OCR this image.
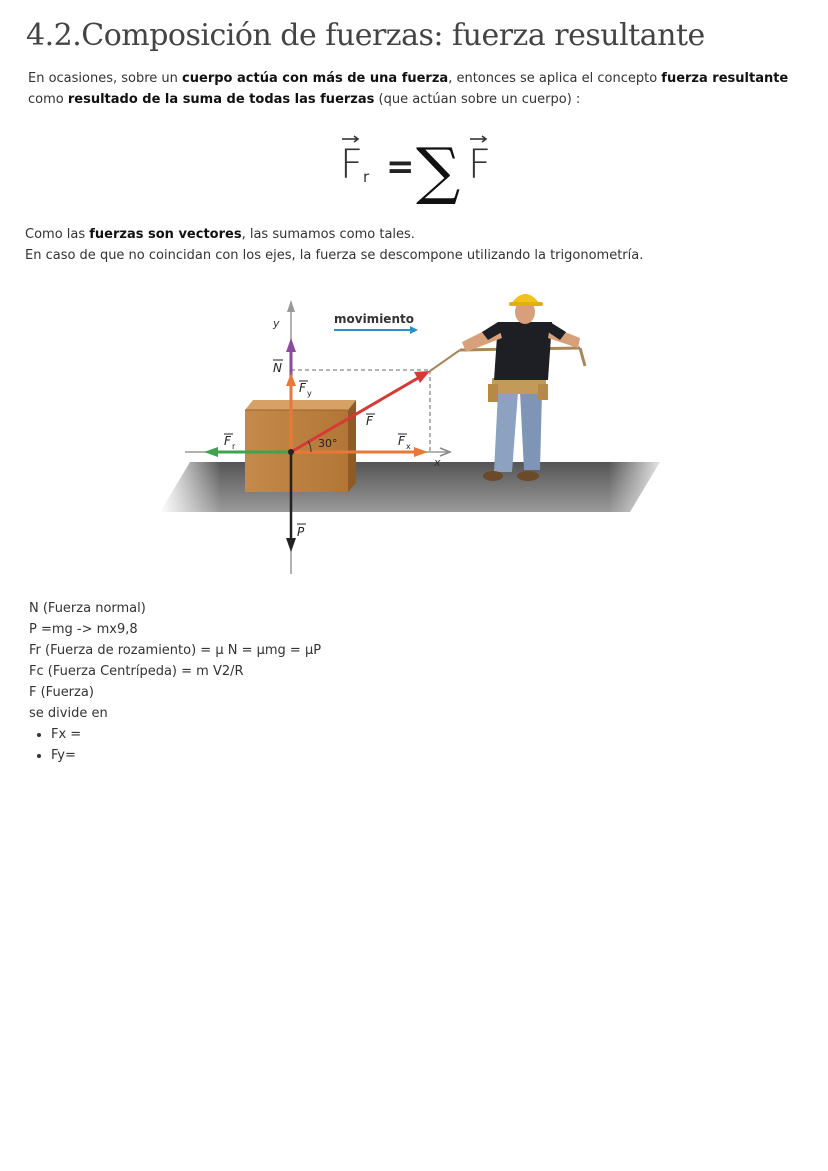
4.2.Composición de fuerzas: fuerza resultante
En ocasiones, sobre un cuerpo actúa con más de una fuerza, entonces se aplica el concepto fuerza resultante como resultado de la suma de todas las fuerzas (que actúan sobre un cuerpo) :
F r = ∑ F
Como las fuerzas son vectores, las sumamos como tales.
En caso de que no coincidan con los ejes, la fuerza se descompone utilizando la trigonometría.
y
x
movimiento
N
F y
F x
F
F r	30°
P
N (Fuerza normal)
P =mg -> mx9,8
Fr (Fuerza de rozamiento) = μ N = μmg = μP
Fc (Fuerza Centrípeda) = m V2/R
F (Fuerza)
se divide en
• Fx =
• Fy=
